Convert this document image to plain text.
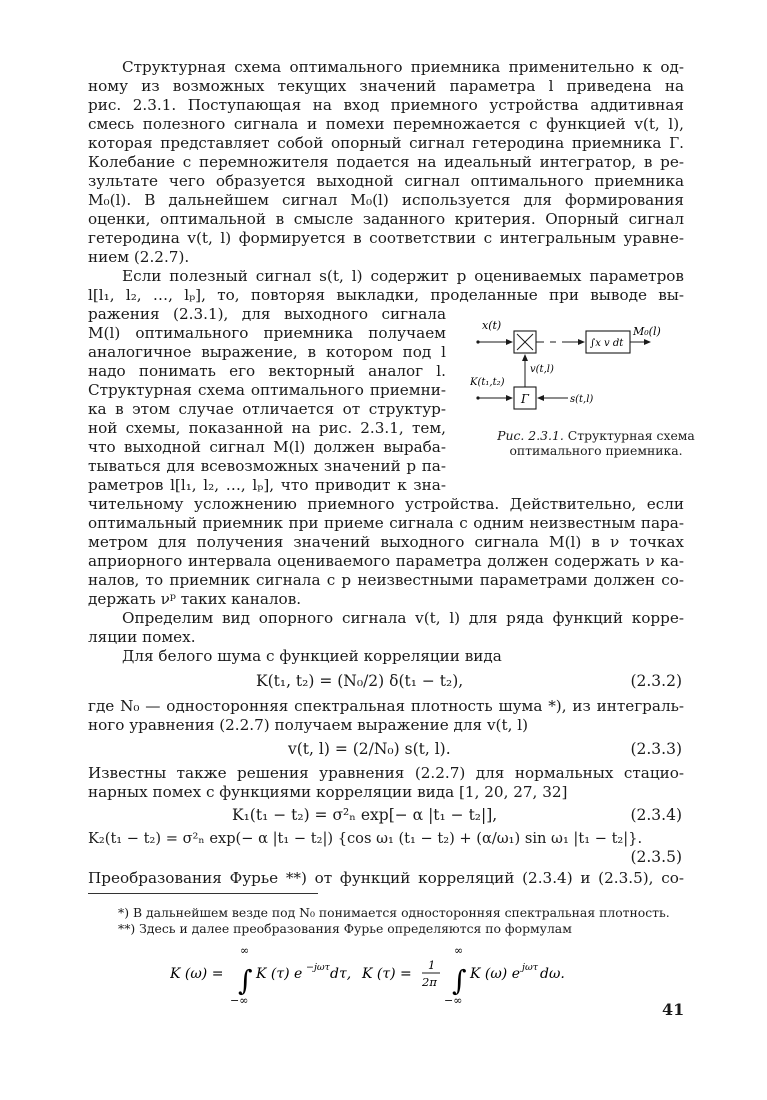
Структурная схема оптимального приемника применительно к од-
ному из возможных текущих значений параметра l приведена на
рис. 2.3.1. Поступающая на вход приемного устройства аддитивная
смесь полезного сигнала и помехи перемножается с функцией v(t, l),
которая представляет собой опорный сигнал гетеродина приемника Г.
Колебание с перемножителя подается на идеальный интегратор, в ре-
зультате чего образуется выходной сигнал оптимального приемника
M₀(l). В дальнейшем сигнал M₀(l) используется для формирования
оценки, оптимальной в смысле заданного критерия. Опорный сигнал
гетеродина v(t, l) формируется в соответствии с интегральным уравне-
нием (2.2.7).
Если полезный сигнал s(t, l) содержит p оцениваемых параметров
l[l₁, l₂, …, lₚ], то, повторяя выкладки, проделанные при выводе вы-
ражения (2.3.1), для выходного сигнала
M(l) оптимального приемника получаем
аналогичное выражение, в котором под l
надо понимать его векторный аналог l.
Структурная схема оптимального приемни-
ка в этом случае отличается от структур-
ной схемы, показанной на рис. 2.3.1, тем,
что выходной сигнал M(l) должен выраба-
тываться для всевозможных значений p па-
раметров l[l₁, l₂, …, lₚ], что приводит к зна-
чительному усложнению приемного устройства. Действительно, если
оптимальный приемник при приеме сигнала с одним неизвестным пара-
метром для получения значений выходного сигнала M(l) в ν точках
априорного интервала оцениваемого параметра должен содержать ν ка-
налов, то приемник сигнала с p неизвестными параметрами должен со-
держать νᵖ таких каналов.
Определим вид опорного сигнала v(t, l) для ряда функций корре-
ляции помех.
Для белого шума с функцией корреляции вида
K(t₁, t₂) = (N₀/2) δ(t₁ − t₂),	(2.3.2)
где N₀ — односторонняя спектральная плотность шума *), из интеграль-
ного уравнения (2.2.7) получаем выражение для v(t, l)
v(t, l) = (2/N₀) s(t, l).	(2.3.3)
Известны также решения уравнения (2.2.7) для нормальных стацио-
нарных помех с функциями корреляции вида [1, 20, 27, 32]
K₁(t₁ − t₂) = σ²ₙ exp[− α |t₁ − t₂|],	(2.3.4)
K₂(t₁ − t₂) = σ²ₙ exp(− α |t₁ − t₂|) {cos ω₁ (t₁ − t₂) + (α/ω₁) sin ω₁ |t₁ − t₂|}.
(2.3.5)
Преобразования Фурье **) от функций корреляций (2.3.4) и (2.3.5), со-
*) В дальнейшем везде под N₀ понимается односторонняя спектральная плотность.
**) Здесь и далее преобразования Фурье определяются по формулам
K (ω) = ∫
∞
−∞
K (τ) e −jωτ dτ, K (τ) =
1
2π ∫
∞
−∞
K (ω) e jωτ dω.
x(t)
∫x v dt
M₀(l)
Г
v(t,l)
K(t₁,t₂)
s(t,l)
Рис. 2.3.1. Структурная схема оптимального приемника.
41
